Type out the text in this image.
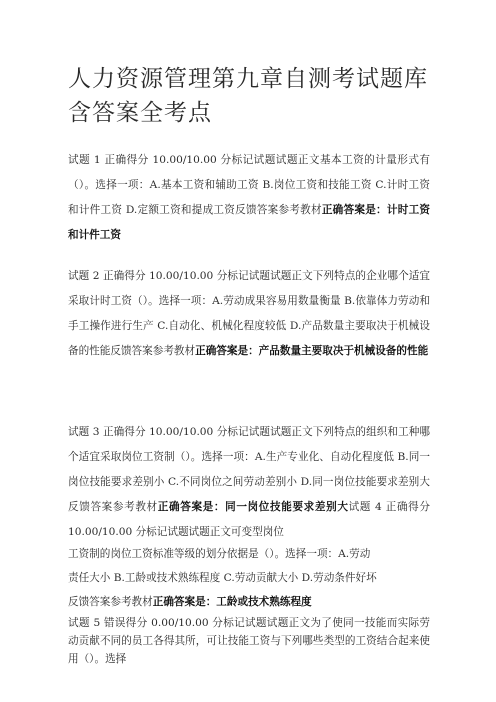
人力资源管理第九章自测考试题库含答案全考点

试题 1 正确得分 10.00/10.00 分标记试题试题正文基本工资的计量形式有（）。选择一项：A.基本工资和辅助工资 B.岗位工资和技能工资 C.计时工资和计件工资 D.定额工资和提成工资反馈答案参考教材正确答案是：计时工资和计件工资

试题 2 正确得分 10.00/10.00 分标记试题试题正文下列特点的企业哪个适宜采取计时工资（）。选择一项：A.劳动成果容易用数量衡量 B.依靠体力劳动和手工操作进行生产 C.自动化、机械化程度较低 D.产品数量主要取决于机械设备的性能反馈答案参考教材正确答案是：产品数量主要取决于机械设备的性能

试题 3 正确得分 10.00/10.00 分标记试题试题正文下列特点的组织和工种哪个适宜采取岗位工资制（）。选择一项：A.生产专业化、自动化程度低 B.同一岗位技能要求差别小 C.不同岗位之间劳动差别小 D.同一岗位技能要求差别大反馈答案参考教材正确答案是：同一岗位技能要求差别大试题 4 正确得分 10.00/10.00 分标记试题试题正文可变型岗位

工资制的岗位工资标准等级的划分依据是（）。选择一项：A.劳动

责任大小 B.工龄或技术熟练程度 C.劳动贡献大小 D.劳动条件好坏

反馈答案参考教材正确答案是：工龄或技术熟练程度

试题 5 错误得分 0.00/10.00 分标记试题试题正文为了使同一技能而实际劳动贡献不同的员工各得其所，可让技能工资与下列哪些类型的工资结合起来使用（）。选择
